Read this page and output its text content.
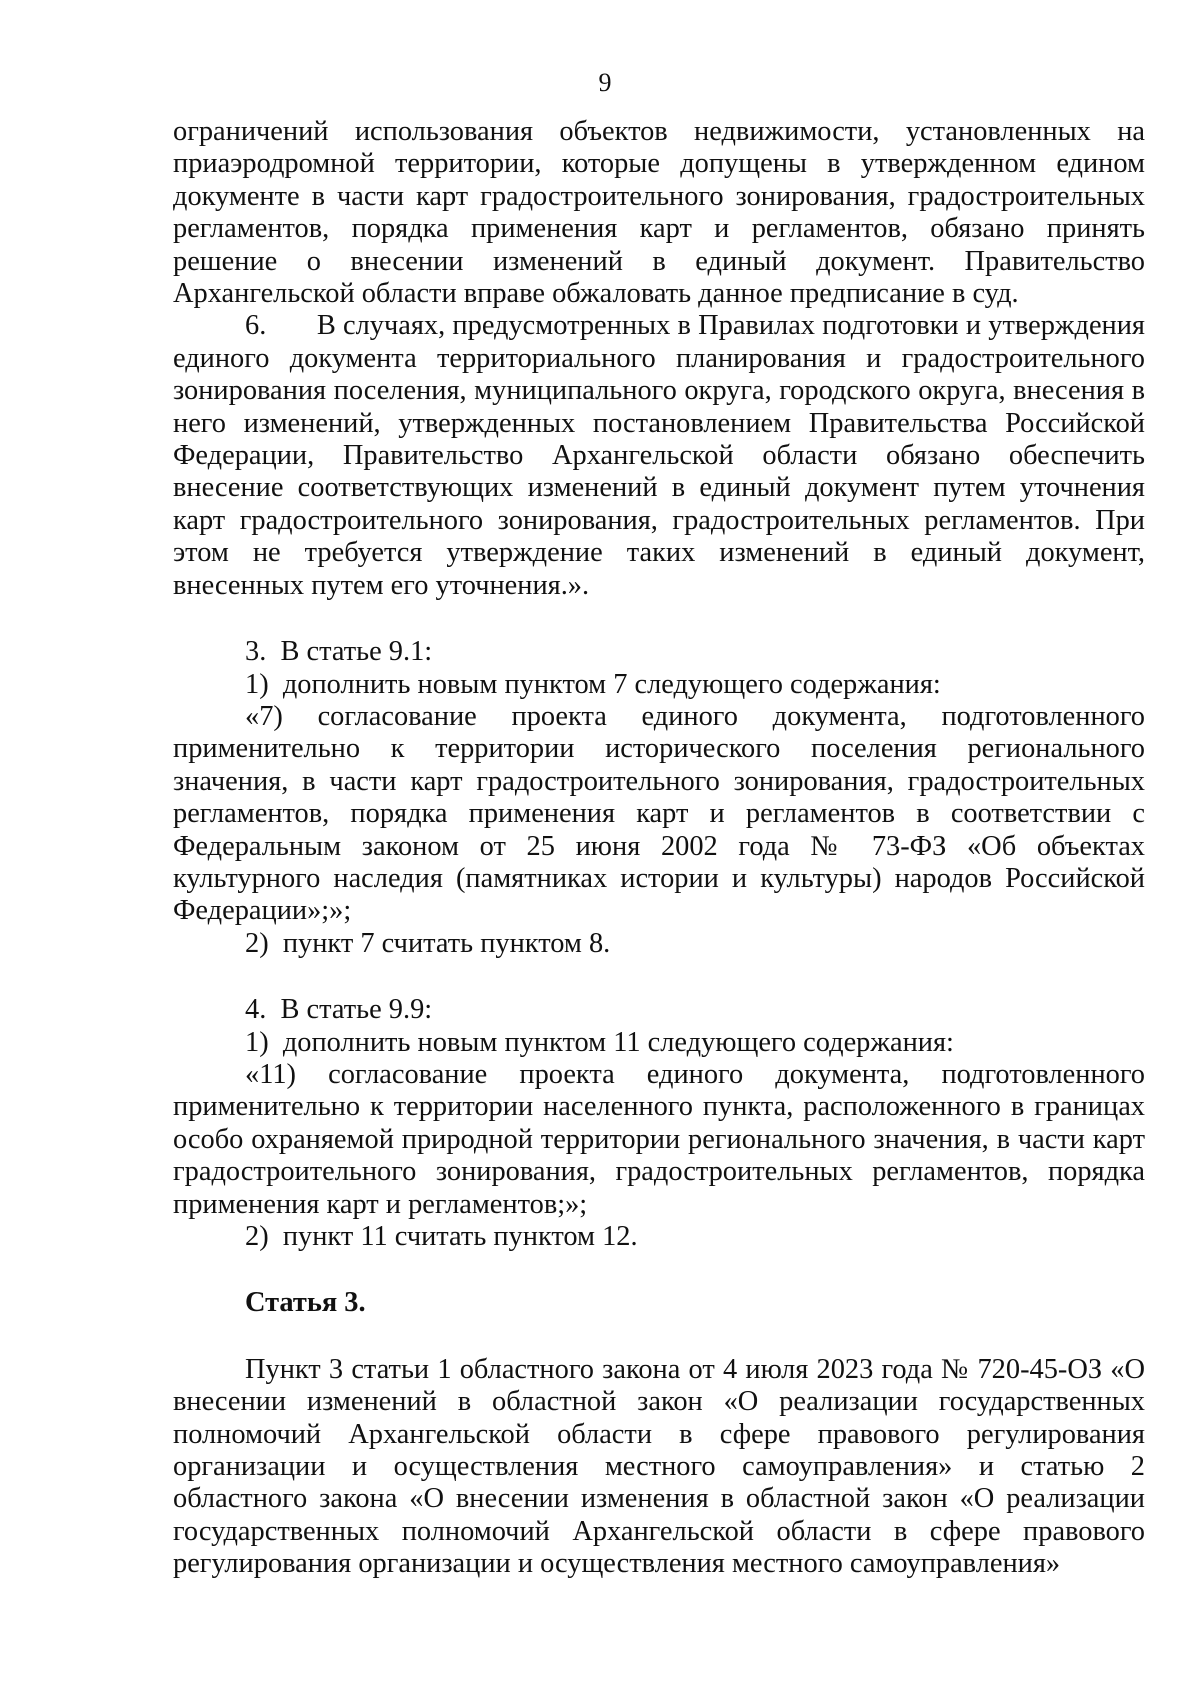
9

ограничений использования объектов недвижимости, установленных на приаэродромной территории, которые допущены в утвержденном едином документе в части карт градостроительного зонирования, градостроительных регламентов, порядка применения карт и регламентов, обязано принять решение о внесении изменений в единый документ. Правительство Архангельской области вправе обжаловать данное предписание в суд.

6.       В случаях, предусмотренных в Правилах подготовки и утверждения единого документа территориального планирования и градостроительного зонирования поселения, муниципального округа, городского округа, внесения в него изменений, утвержденных постановлением Правительства Российской Федерации, Правительство Архангельской области обязано обеспечить внесение соответствующих изменений в единый документ путем уточнения карт градостроительного зонирования, градостроительных регламентов. При этом не требуется утверждение таких изменений в единый документ, внесенных путем его уточнения.».

3.  В статье 9.1:

1)  дополнить новым пунктом 7 следующего содержания:

«7) согласование проекта единого документа, подготовленного применительно к территории исторического поселения регионального значения, в части карт градостроительного зонирования, градостроительных регламентов, порядка применения карт и регламентов в соответствии с Федеральным законом от 25 июня 2002 года № 73-ФЗ «Об объектах культурного наследия (памятниках истории и культуры) народов Российской Федерации»;»;

2)  пункт 7 считать пунктом 8.

4.  В статье 9.9:

1)  дополнить новым пунктом 11 следующего содержания:

«11) согласование проекта единого документа, подготовленного применительно к территории населенного пункта, расположенного в границах особо охраняемой природной территории регионального значения, в части карт градостроительного зонирования, градостроительных регламентов, порядка применения карт и регламентов;»;

2)  пункт 11 считать пунктом 12.

Статья 3.

Пункт 3 статьи 1 областного закона от 4 июля 2023 года № 720-45-ОЗ «О внесении изменений в областной закон «О реализации государственных полномочий Архангельской области в сфере правового регулирования организации и осуществления местного самоуправления» и статью 2 областного закона «О внесении изменения в областной закон «О реализации государственных полномочий Архангельской области в сфере правового регулирования организации и осуществления местного самоуправления»
